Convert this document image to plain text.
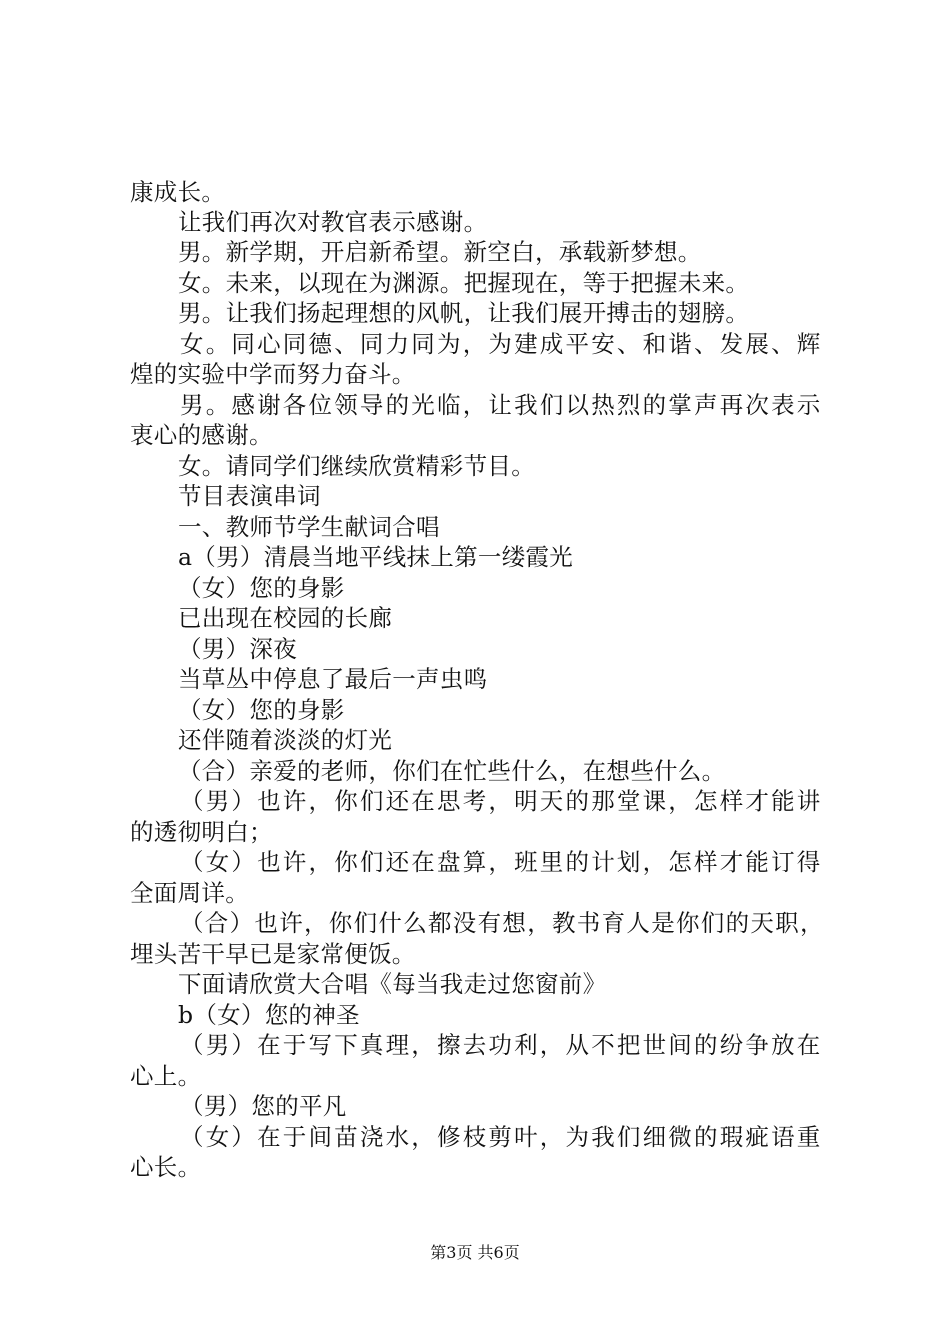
康成长。
让我们再次对教官表示感谢。
男。新学期，开启新希望。新空白，承载新梦想。
女。未来，以现在为渊源。把握现在，等于把握未来。
男。让我们扬起理想的风帆，让我们展开搏击的翅膀。
女。同心同德、同力同为，为建成平安、和谐、发展、辉
煌的实验中学而努力奋斗。
男。感谢各位领导的光临，让我们以热烈的掌声再次表示
衷心的感谢。
女。请同学们继续欣赏精彩节目。
节目表演串词
一、教师节学生献词合唱
a（男）清晨当地平线抹上第一缕霞光
（女）您的身影
已出现在校园的长廊
（男）深夜
当草丛中停息了最后一声虫鸣
（女）您的身影
还伴随着淡淡的灯光
（合）亲爱的老师，你们在忙些什么，在想些什么。
（男）也许，你们还在思考，明天的那堂课，怎样才能讲
的透彻明白；
（女）也许，你们还在盘算，班里的计划，怎样才能订得
全面周详。
（合）也许，你们什么都没有想，教书育人是你们的天职，
埋头苦干早已是家常便饭。
下面请欣赏大合唱《每当我走过您窗前》
b（女）您的神圣
（男）在于写下真理，擦去功利，从不把世间的纷争放在
心上。
（男）您的平凡
（女）在于间苗浇水，修枝剪叶，为我们细微的瑕疵语重
心长。
第3页 共6页
